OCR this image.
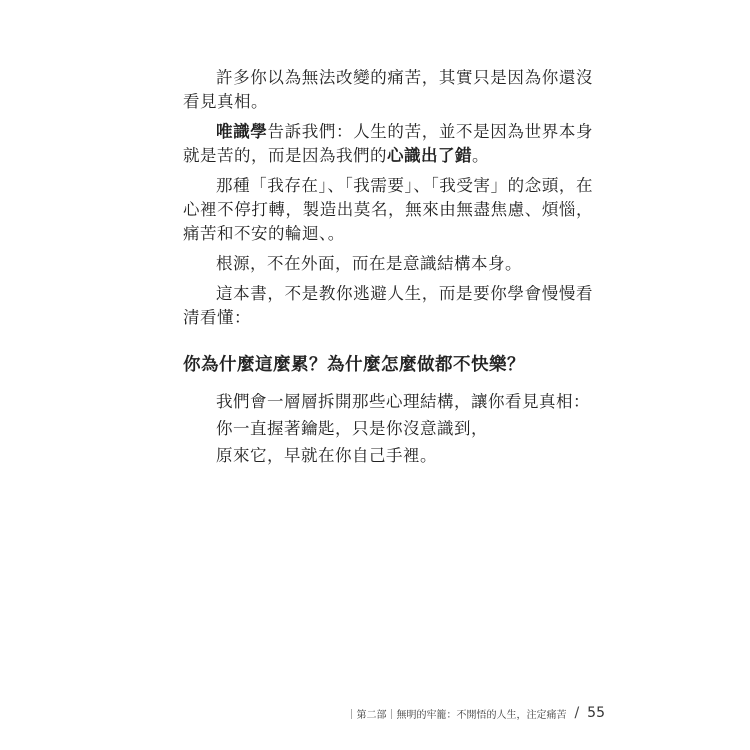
許多你以為無法改變的痛苦，其實只是因為你還沒看見真相。

唯識學告訴我們：人生的苦，並不是因為世界本身就是苦的，而是因為我們的心識出了錯。

那種「我存在」、「我需要」、「我受害」的念頭，在心裡不停打轉，製造出莫名，無來由無盡焦慮、煩惱，痛苦和不安的輪迴、。

根源，不在外面，而在是意識結構本身。

這本書，不是教你逃避人生，而是要你學會慢慢看清看懂：

你為什麼這麼累？為什麼怎麼做都不快樂？

我們會一層層拆開那些心理結構，讓你看見真相：

你一直握著鑰匙，只是你沒意識到，

原來它，早就在你自己手裡。

｜第二部｜無明的牢籠：不開悟的人生，注定痛苦 / 55
